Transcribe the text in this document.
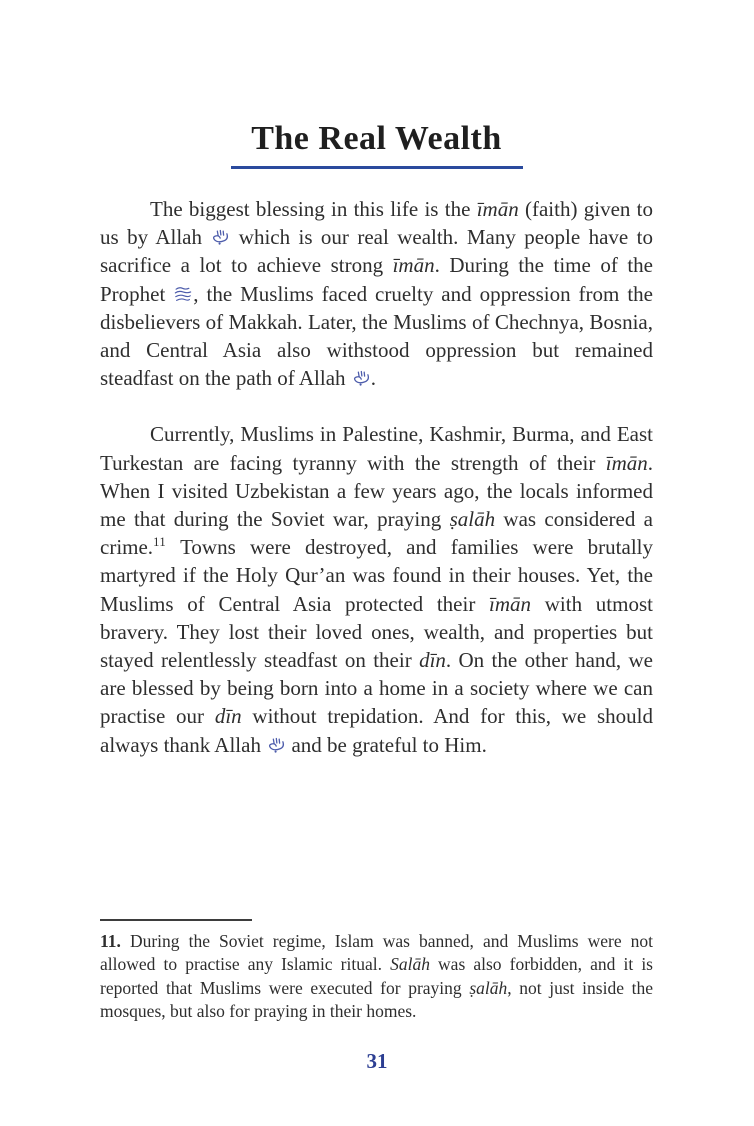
The Real Wealth

The biggest blessing in this life is the īmān (faith) given to us by Allah
which is our real wealth. Many people have to sacrifice a lot to achieve strong īmān. During the time of the Prophet
, the Muslims faced cruelty and oppression from the disbelievers of Makkah. Later, the Muslims of Chechnya, Bosnia, and Central Asia also withstood oppression but remained steadfast on the path of Allah
.

Currently, Muslims in Palestine, Kashmir, Burma, and East Turkestan are facing tyranny with the strength of their īmān. When I visited Uzbekistan a few years ago, the locals informed me that during the Soviet war, praying ṣalāh was considered a crime.$^{11}$ Towns were destroyed, and families were brutally martyred if the Holy Qur’an was found in their houses. Yet, the Muslims of Central Asia protected their īmān with utmost bravery. They lost their loved ones, wealth, and properties but stayed relentlessly steadfast on their dīn. On the other hand, we are blessed by being born into a home in a society where we can practise our dīn without trepidation. And for this, we should always thank Allah
and be grateful to Him.

11. During the Soviet regime, Islam was banned, and Muslims were not allowed to practise any Islamic ritual. Salāh was also forbidden, and it is reported that Muslims were executed for praying ṣalāh, not just inside the mosques, but also for praying in their homes.

31
